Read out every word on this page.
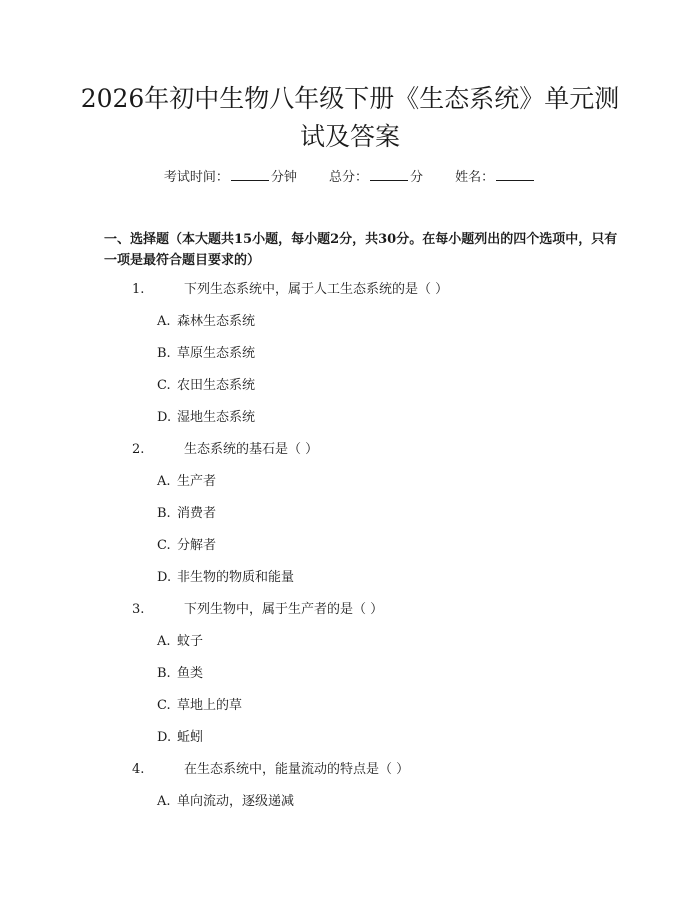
2026年初中生物八年级下册《生态系统》单元测试及答案
考试时间：	分钟 总分：	分 姓名：

一、选择题（本大题共15小题，每小题2分，共30分。在每小题列出的四个选项中，只有一项是最符合题目要求的）

1.	下列生态系统中，属于人工生态系统的是（ ）
A. 森林生态系统
B. 草原生态系统
C. 农田生态系统
D. 湿地生态系统
2.	生态系统的基石是（ ）
A. 生产者
B. 消费者
C. 分解者
D. 非生物的物质和能量
3.	下列生物中，属于生产者的是（ ）
A. 蚊子
B. 鱼类
C. 草地上的草
D. 蚯蚓
4.	在生态系统中，能量流动的特点是（ ）
A. 单向流动，逐级递减
